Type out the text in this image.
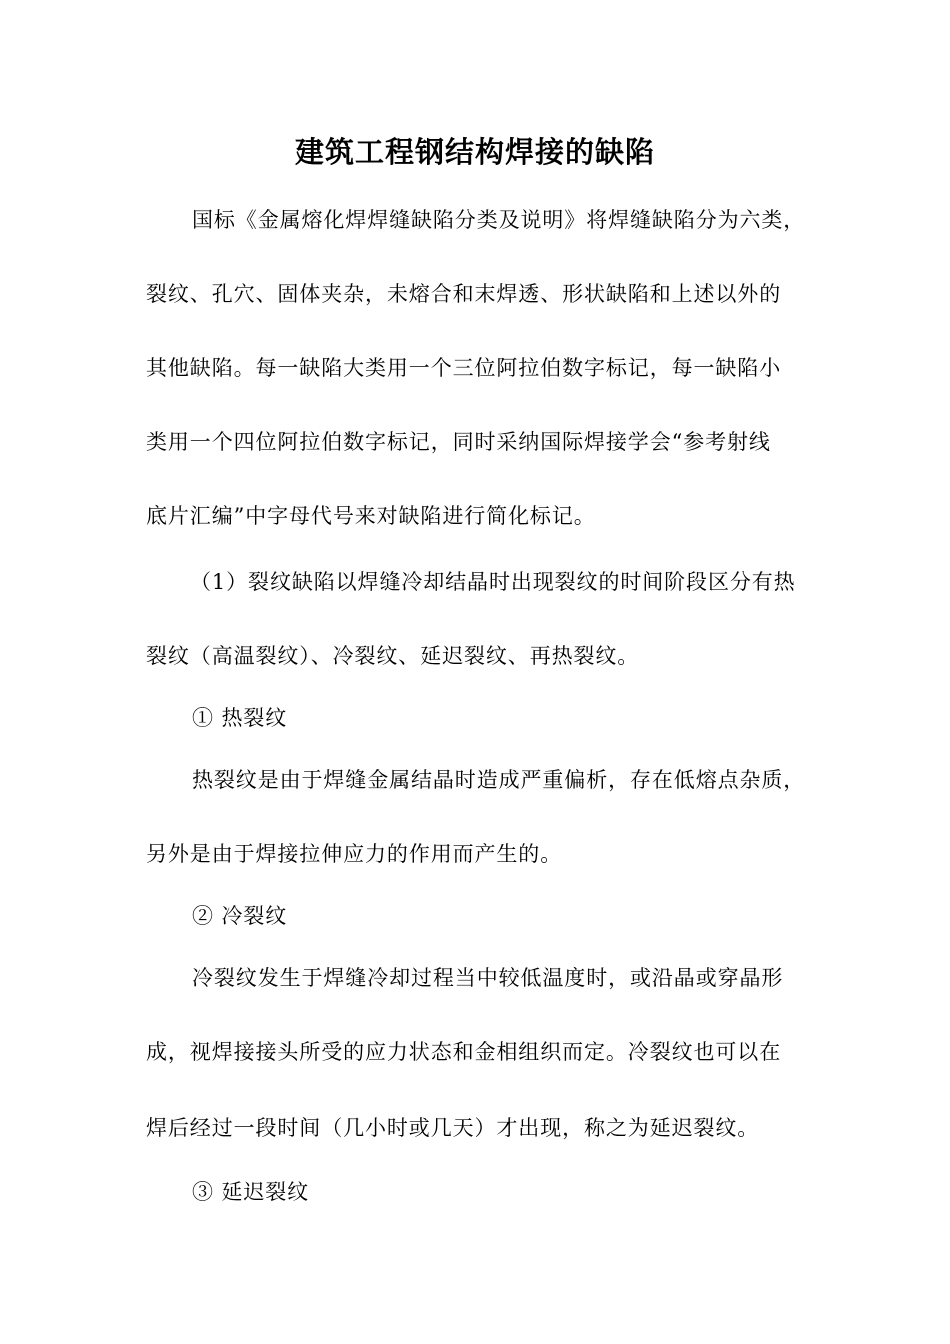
建筑工程钢结构焊接的缺陷
国标《金属熔化焊焊缝缺陷分类及说明》将焊缝缺陷分为六类，
裂纹、孔穴、固体夹杂，未熔合和末焊透、形状缺陷和上述以外的
其他缺陷。每一缺陷大类用一个三位阿拉伯数字标记，每一缺陷小
类用一个四位阿拉伯数字标记，同时采纳国际焊接学会“参考射线
底片汇编”中字母代号来对缺陷进行简化标记。
（1）裂纹缺陷以焊缝冷却结晶时出现裂纹的时间阶段区分有热
裂纹（高温裂纹）、冷裂纹、延迟裂纹、再热裂纹。
① 热裂纹
热裂纹是由于焊缝金属结晶时造成严重偏析，存在低熔点杂质，
另外是由于焊接拉伸应力的作用而产生的。
② 冷裂纹
冷裂纹发生于焊缝冷却过程当中较低温度时，或沿晶或穿晶形
成，视焊接接头所受的应力状态和金相组织而定。冷裂纹也可以在
焊后经过一段时间（几小时或几天）才出现，称之为延迟裂纹。
③ 延迟裂纹
